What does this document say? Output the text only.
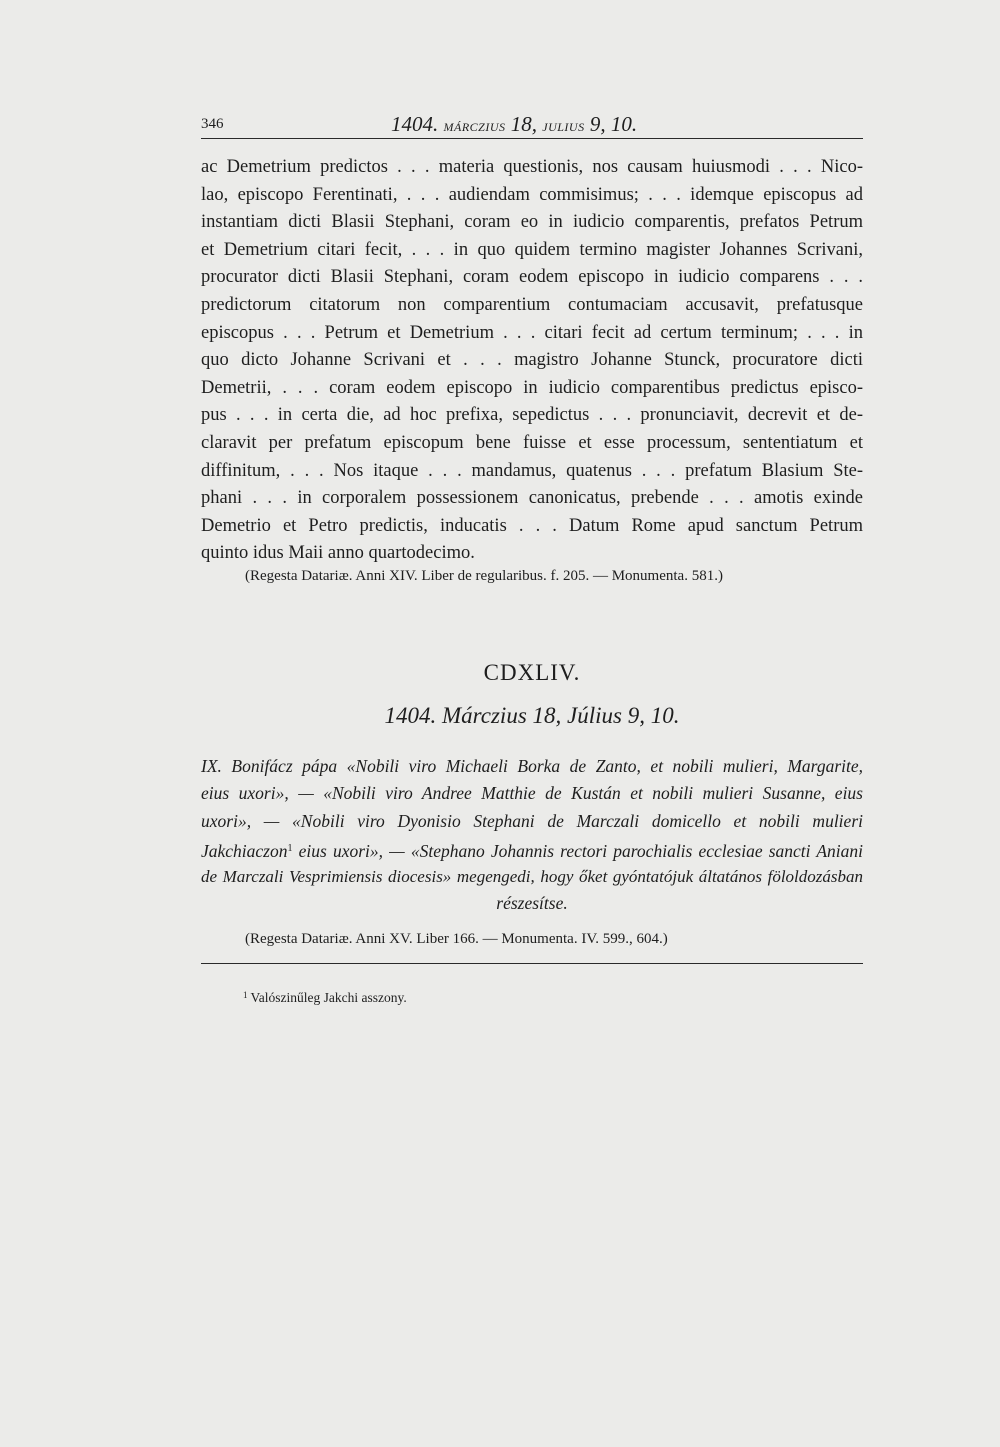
346	1404. MÁRCZIUS 18, JULIUS 9, 10.
ac Demetrium predictos . . . materia questionis, nos causam huiusmodi . . . Nico-
lao, episcopo Ferentinati, . . . audiendam commisimus; . . . idemque episcopus ad
instantiam dicti Blasii Stephani, coram eo in iudicio comparentis, prefatos Petrum
et Demetrium citari fecit, . . . in quo quidem termino magister Johannes Scrivani,
procurator dicti Blasii Stephani, coram eodem episcopo in iudicio comparens . . .
predictorum citatorum non comparentium contumaciam accusavit, prefatusque
episcopus . . . Petrum et Demetrium . . . citari fecit ad certum terminum; . . . in
quo dicto Johanne Scrivani et . . . magistro Johanne Stunck, procuratore dicti
Demetrii, . . . coram eodem episcopo in iudicio comparentibus predictus episco-
pus . . . in certa die, ad hoc prefixa, sepedictus . . . pronunciavit, decrevit et de-
claravit per prefatum episcopum bene fuisse et esse processum, sententiatum et
diffinitum, . . . Nos itaque . . . mandamus, quatenus . . . prefatum Blasium Ste-
phani . . . in corporalem possessionem canonicatus, prebende . . . amotis exinde
Demetrio et Petro predictis, inducatis . . . Datum Rome apud sanctum Petrum
quinto idus Maii anno quartodecimo.
(Regesta Datariæ. Anni XIV. Liber de regularibus. f. 205. — Monumenta. 581.)
CDXLIV.
1404. Márczius 18, Július 9, 10.
IX. Bonifácz pápa «Nobili viro Michaeli Borka de Zanto, et nobili mulieri, Margarite,
eius uxori», — «Nobili viro Andree Matthie de Kustán et nobili mulieri Susanne, eius
uxori», — «Nobili viro Dyonisio Stephani de Marczali domicello et nobili mulieri
Jakchiaczon$^1$ eius uxori», — «Stephano Johannis rectori parochialis ecclesiae sancti Aniani
de Marczali Vesprimiensis diocesis» megengedi, hogy őket gyóntatójuk áltatános föloldozásban
részesítse.
(Regesta Datariæ. Anni XV. Liber 166. — Monumenta. IV. 599., 604.)
$^1$ Valószinűleg Jakchi asszony.
